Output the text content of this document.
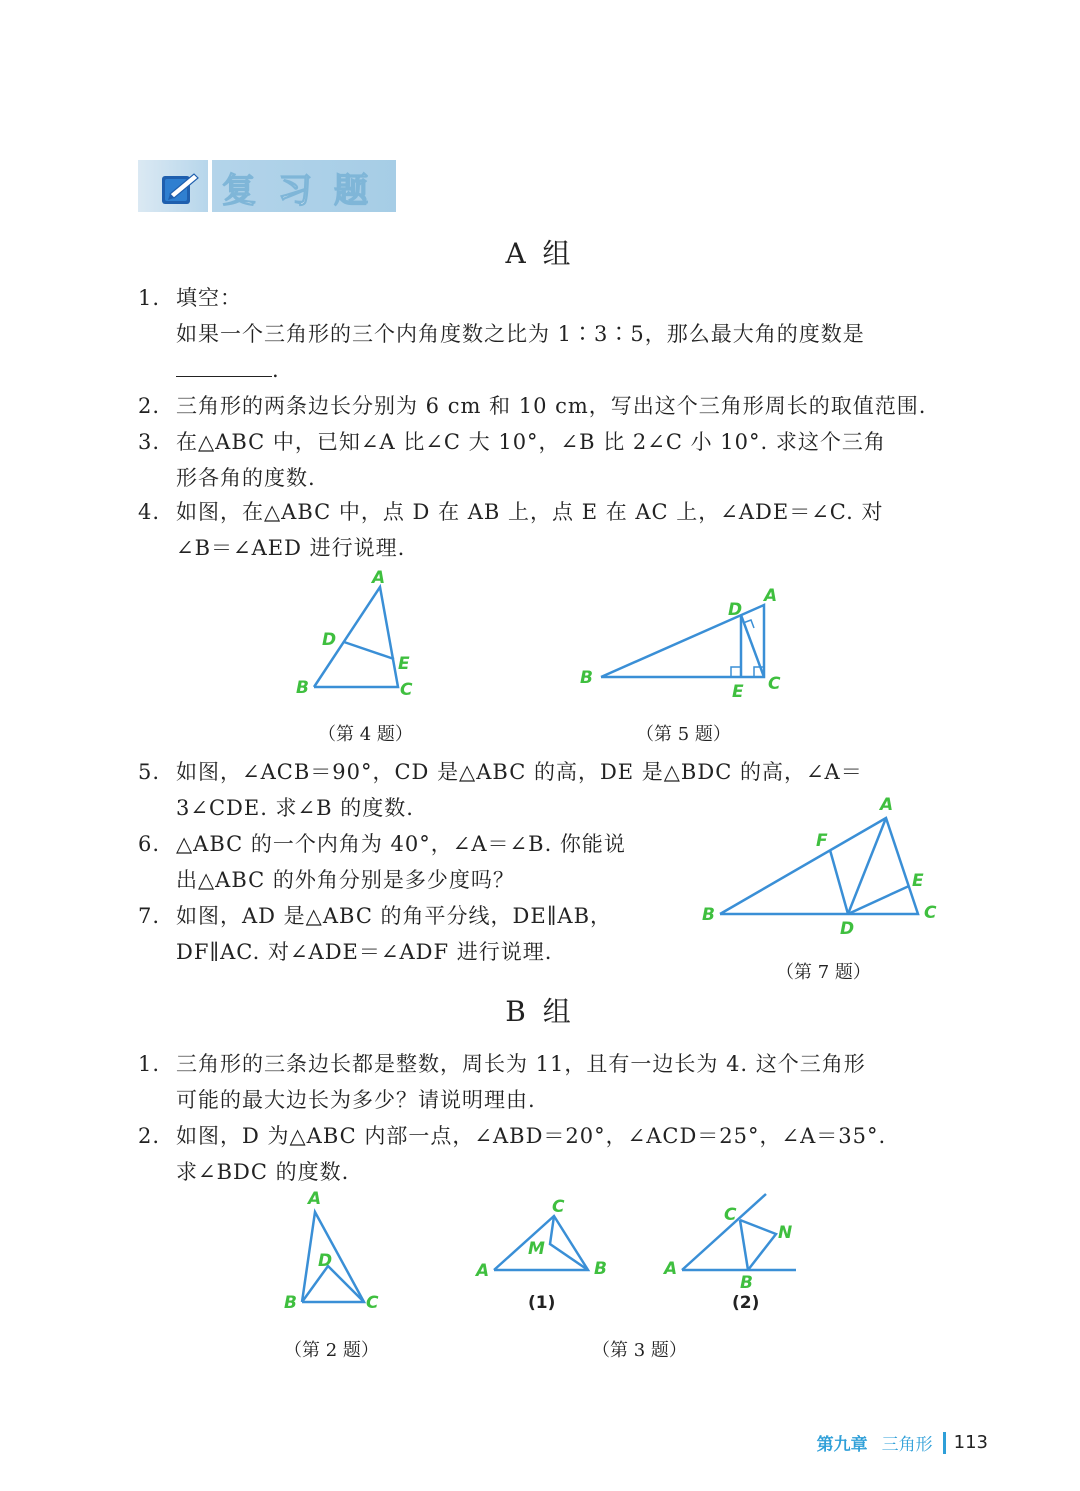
复习题
A 组
1. 填空：
如果一个三角形的三个内角度数之比为 1∶3∶5，那么最大角的度数是
.
2. 三角形的两条边长分别为 6 cm 和 10 cm，写出这个三角形周长的取值范围.
3. 在△ABC 中，已知∠A 比∠C 大 10°，∠B 比 2∠C 小 10°. 求这个三角
形各角的度数.
4. 如图，在△ABC 中，点 D 在 AB 上，点 E 在 AC 上，∠ADE＝∠C. 对
∠B＝∠AED 进行说理.
A
B	C
D
E
（第 4 题）
A
B	C
D
E
（第 5 题）
5. 如图，∠ACB＝90°，CD 是△ABC 的高，DE 是△BDC 的高，∠A＝
3∠CDE. 求∠B 的度数.
6. △ABC 的一个内角为 40°，∠A＝∠B. 你能说
出△ABC 的外角分别是多少度吗？
7. 如图，AD 是△ABC 的角平分线，DE∥AB，
DF∥AC. 对∠ADE＝∠ADF 进行说理.
A
B	C
D
E
F
（第 7 题）
B 组
1. 三角形的三条边长都是整数，周长为 11，且有一边长为 4. 这个三角形
可能的最大边长为多少？请说明理由.
2. 如图，D 为△ABC 内部一点，∠ABD＝20°，∠ACD＝25°，∠A＝35°.
求∠BDC 的度数.
A
B	C
D
（第 2 题）
C
A	B
M
(1)
C
A
B
N
(2)
（第 3 题）
第九章 三角形 113
